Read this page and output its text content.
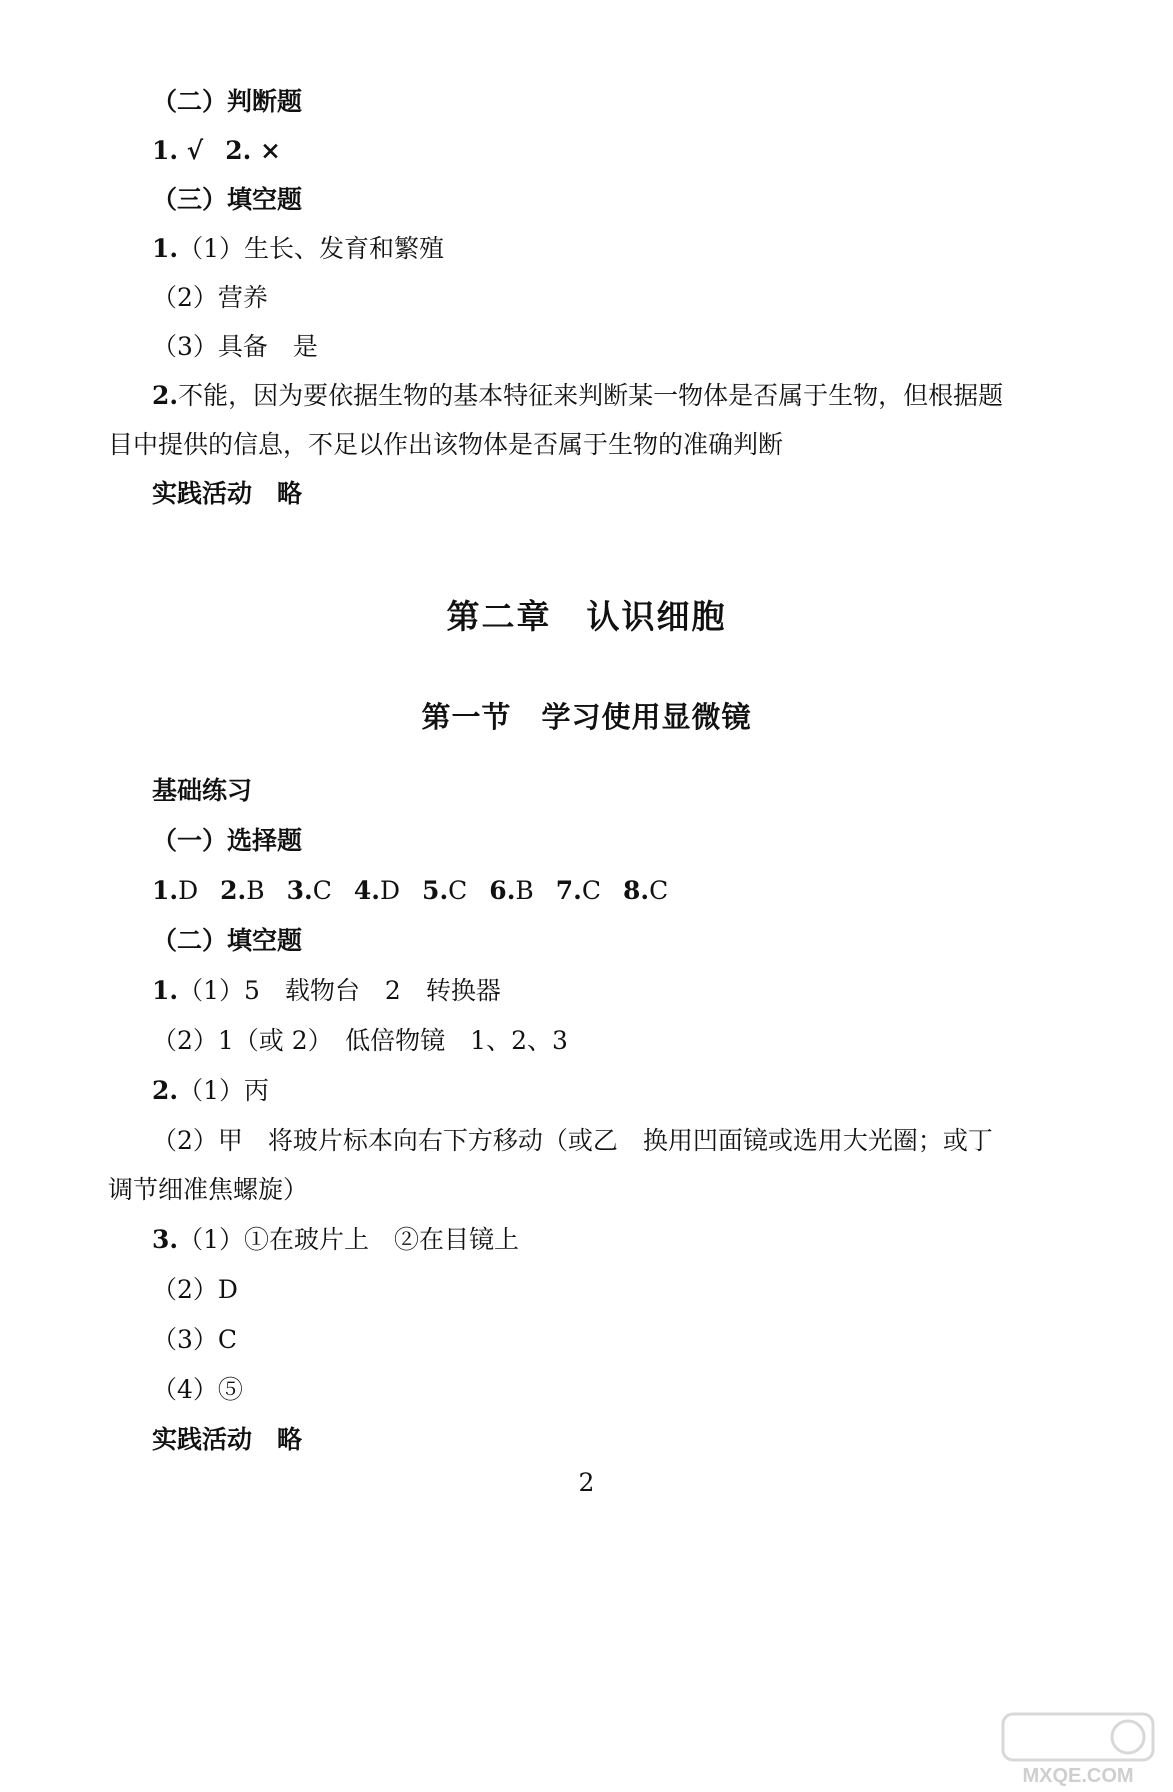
（二）判断题
1. √ 2. ×
（三）填空题
1.（1）生长、发育和繁殖
（2）营养
（3）具备　是
2.不能，因为要依据生物的基本特征来判断某一物体是否属于生物，但根据题
目中提供的信息，不足以作出该物体是否属于生物的准确判断
实践活动　略
第二章　认识细胞
第一节　学习使用显微镜
基础练习
（一）选择题
1.D 2.B 3.C 4.D 5.C 6.B 7.C 8.C
（二）填空题
1.（1）5　载物台　2　转换器
（2）1（或 2）　低倍物镜　1、2、3
2.（1）丙
（2）甲　将玻片标本向右下方移动（或乙　换用凹面镜或选用大光圈；或丁
调节细准焦螺旋）
3.（1）①在玻片上　②在目镜上
（2）D
（3）C
（4）⑤
实践活动　略
2
MXQE.COM
